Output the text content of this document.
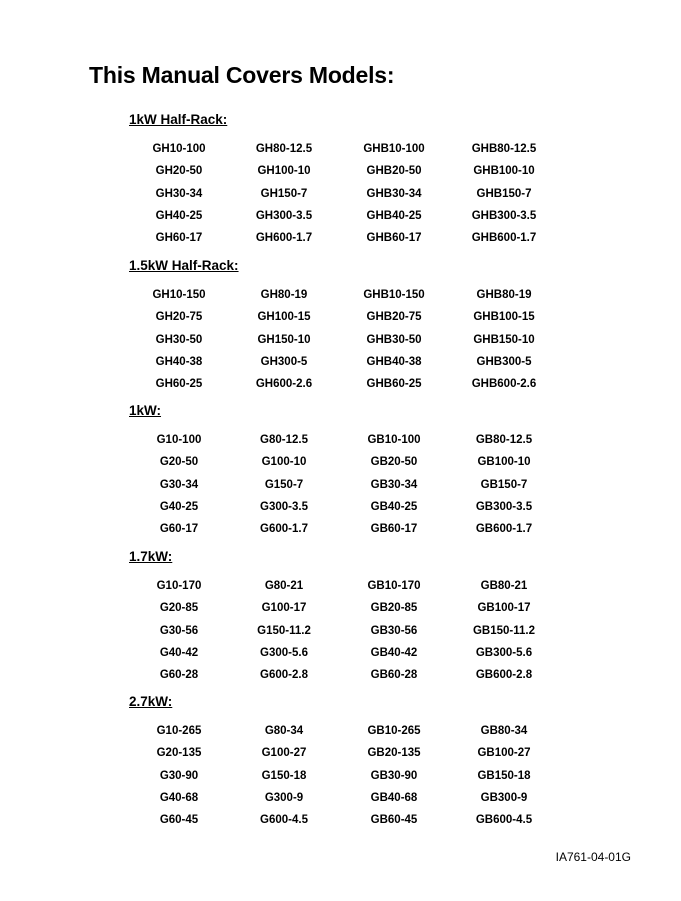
This Manual Covers Models:
1kW Half-Rack:
GH10-100	GH80-12.5	GHB10-100	GHB80-12.5
GH20-50	GH100-10	GHB20-50	GHB100-10
GH30-34	GH150-7	GHB30-34	GHB150-7
GH40-25	GH300-3.5	GHB40-25	GHB300-3.5
GH60-17	GH600-1.7	GHB60-17	GHB600-1.7
1.5kW Half-Rack:
GH10-150	GH80-19	GHB10-150	GHB80-19
GH20-75	GH100-15	GHB20-75	GHB100-15
GH30-50	GH150-10	GHB30-50	GHB150-10
GH40-38	GH300-5	GHB40-38	GHB300-5
GH60-25	GH600-2.6	GHB60-25	GHB600-2.6
1kW:
G10-100	G80-12.5	GB10-100	GB80-12.5
G20-50	G100-10	GB20-50	GB100-10
G30-34	G150-7	GB30-34	GB150-7
G40-25	G300-3.5	GB40-25	GB300-3.5
G60-17	G600-1.7	GB60-17	GB600-1.7
1.7kW:
G10-170	G80-21	GB10-170	GB80-21
G20-85	G100-17	GB20-85	GB100-17
G30-56	G150-11.2	GB30-56	GB150-11.2
G40-42	G300-5.6	GB40-42	GB300-5.6
G60-28	G600-2.8	GB60-28	GB600-2.8
2.7kW:
G10-265	G80-34	GB10-265	GB80-34
G20-135	G100-27	GB20-135	GB100-27
G30-90	G150-18	GB30-90	GB150-18
G40-68	G300-9	GB40-68	GB300-9
G60-45	G600-4.5	GB60-45	GB600-4.5
IA761-04-01G
